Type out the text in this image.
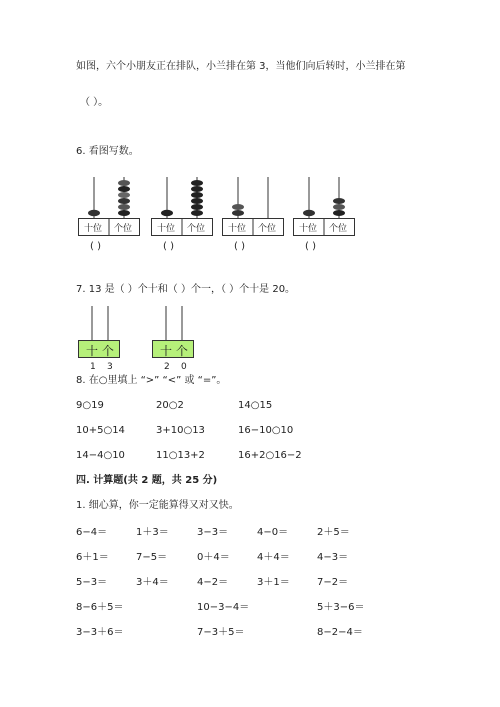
如图，六个小朋友正在排队，小兰排在第 3，当他们向后转时，小兰排在第
（ ）。
6. 看图写数。
十位 个位	十位 个位	十位 个位	十位 个位
( )	( )	( )	( )
7. 13 是（ ）个十和（ ）个一，（ ）个十是 20。
十 个
1 3
十 个
2 0
8. 在○里填上 “>” “<” 或 “=”。
9○19	20○2	14○15
10+5○14	3+10○13	16−10○10
14−4○10	11○13+2	16+2○16−2
四. 计算题(共 2 题，共 25 分)
1. 细心算，你一定能算得又对又快。
6−4＝	1＋3＝	3−3＝	4−0＝	2＋5＝
6＋1＝	7−5＝	0＋4＝	4＋4＝	4−3＝
5−3＝	3＋4＝	4−2＝	3＋1＝	7−2＝
8−6＋5＝	10−3−4＝	5＋3−6＝
3−3＋6＝	7−3＋5＝	8−2−4＝
